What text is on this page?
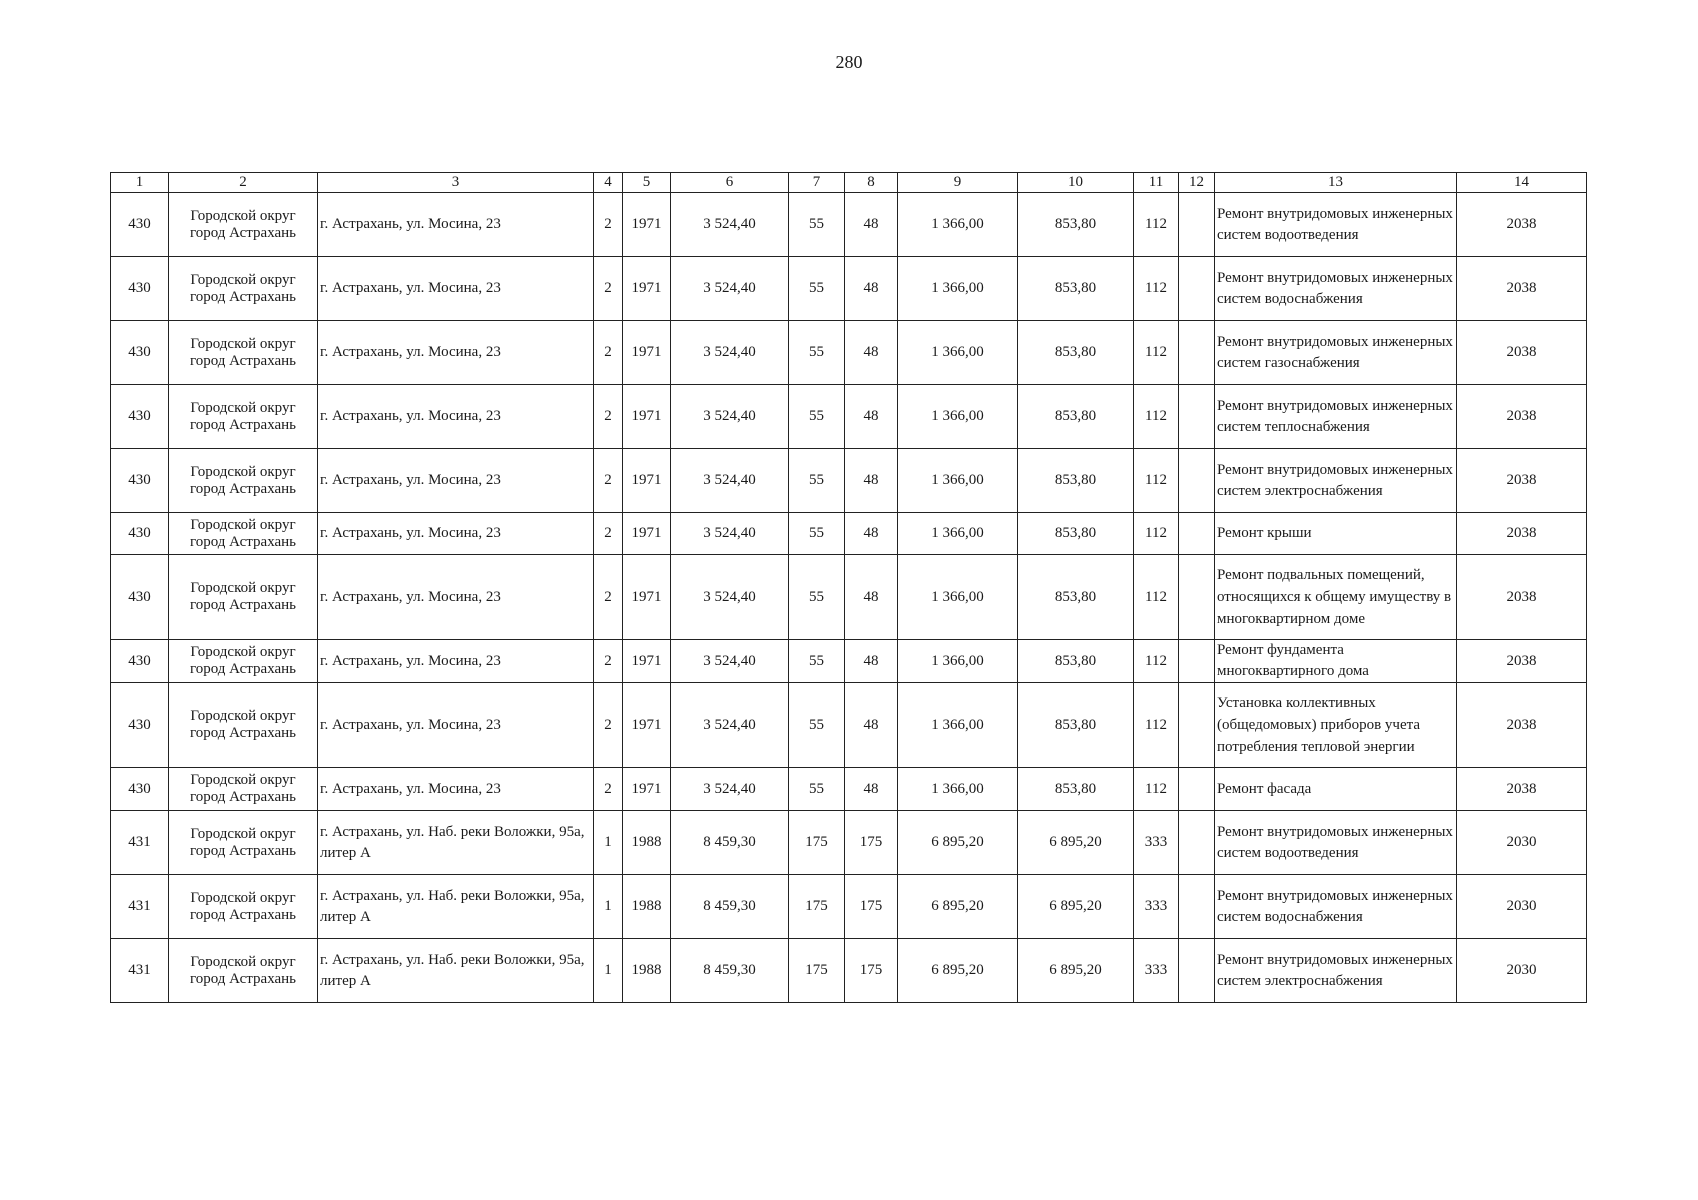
280
1	2	3	4	5	6	7	8	9	10	11	12	13	14
430	Городской округ город Астрахань	г. Астрахань, ул. Мосина, 23	2	1971	3 524,40	55	48	1 366,00	853,80	112		Ремонт внутридомовых инженерных систем водоотведения	2038
430	Городской округ город Астрахань	г. Астрахань, ул. Мосина, 23	2	1971	3 524,40	55	48	1 366,00	853,80	112		Ремонт внутридомовых инженерных систем водоснабжения	2038
430	Городской округ город Астрахань	г. Астрахань, ул. Мосина, 23	2	1971	3 524,40	55	48	1 366,00	853,80	112		Ремонт внутридомовых инженерных систем газоснабжения	2038
430	Городской округ город Астрахань	г. Астрахань, ул. Мосина, 23	2	1971	3 524,40	55	48	1 366,00	853,80	112		Ремонт внутридомовых инженерных систем теплоснабжения	2038
430	Городской округ город Астрахань	г. Астрахань, ул. Мосина, 23	2	1971	3 524,40	55	48	1 366,00	853,80	112		Ремонт внутридомовых инженерных систем электроснабжения	2038
430	Городской округ город Астрахань	г. Астрахань, ул. Мосина, 23	2	1971	3 524,40	55	48	1 366,00	853,80	112		Ремонт крыши	2038
430	Городской округ город Астрахань	г. Астрахань, ул. Мосина, 23	2	1971	3 524,40	55	48	1 366,00	853,80	112		Ремонт подвальных помещений, относящихся к общему имуществу в многоквартирном доме	2038
430	Городской округ город Астрахань	г. Астрахань, ул. Мосина, 23	2	1971	3 524,40	55	48	1 366,00	853,80	112		Ремонт фундамента многоквартирного дома	2038
430	Городской округ город Астрахань	г. Астрахань, ул. Мосина, 23	2	1971	3 524,40	55	48	1 366,00	853,80	112		Установка коллективных (общедомовых) приборов учета потребления тепловой энергии	2038
430	Городской округ город Астрахань	г. Астрахань, ул. Мосина, 23	2	1971	3 524,40	55	48	1 366,00	853,80	112		Ремонт фасада	2038
431	Городской округ город Астрахань	г. Астрахань, ул. Наб. реки Воложки, 95а, литер А	1	1988	8 459,30	175	175	6 895,20	6 895,20	333		Ремонт внутридомовых инженерных систем водоотведения	2030
431	Городской округ город Астрахань	г. Астрахань, ул. Наб. реки Воложки, 95а, литер А	1	1988	8 459,30	175	175	6 895,20	6 895,20	333		Ремонт внутридомовых инженерных систем водоснабжения	2030
431	Городской округ город Астрахань	г. Астрахань, ул. Наб. реки Воложки, 95а, литер А	1	1988	8 459,30	175	175	6 895,20	6 895,20	333		Ремонт внутридомовых инженерных систем электроснабжения	2030
